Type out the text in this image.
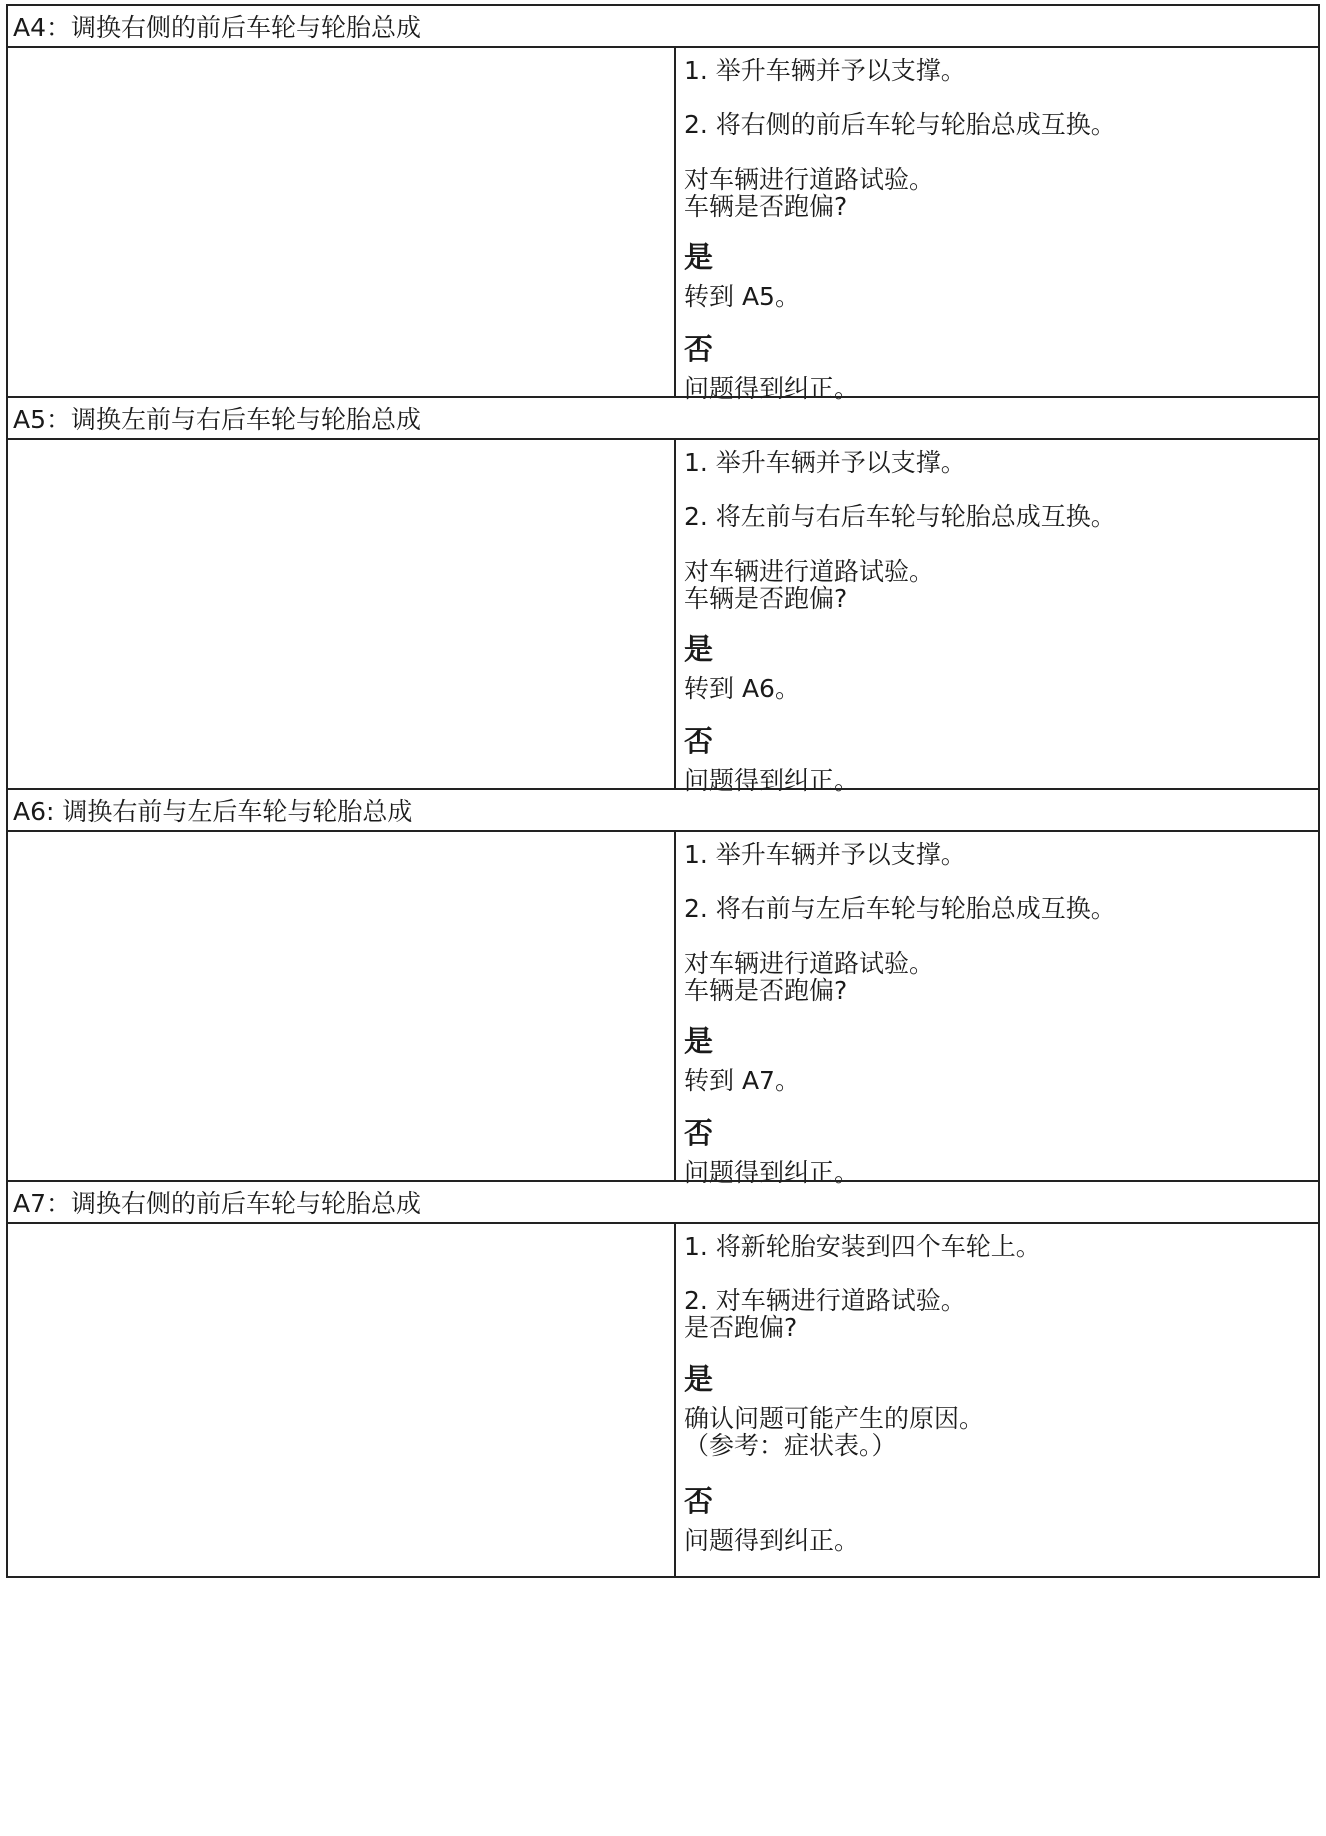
A4：调换右侧的前后车轮与轮胎总成
1. 举升车辆并予以支撑。
2. 将右侧的前后车轮与轮胎总成互换。
对车辆进行道路试验。
车辆是否跑偏?
是
转到 A5。
否
问题得到纠正。
A5：调换左前与右后车轮与轮胎总成
1. 举升车辆并予以支撑。
2. 将左前与右后车轮与轮胎总成互换。
对车辆进行道路试验。
车辆是否跑偏?
是
转到 A6。
否
问题得到纠正。
A6: 调换右前与左后车轮与轮胎总成
1. 举升车辆并予以支撑。
2. 将右前与左后车轮与轮胎总成互换。
对车辆进行道路试验。
车辆是否跑偏?
是
转到 A7。
否
问题得到纠正。
A7：调换右侧的前后车轮与轮胎总成
1. 将新轮胎安装到四个车轮上。
2. 对车辆进行道路试验。
是否跑偏?
是
确认问题可能产生的原因。
（参考：症状表。）
否
问题得到纠正。
